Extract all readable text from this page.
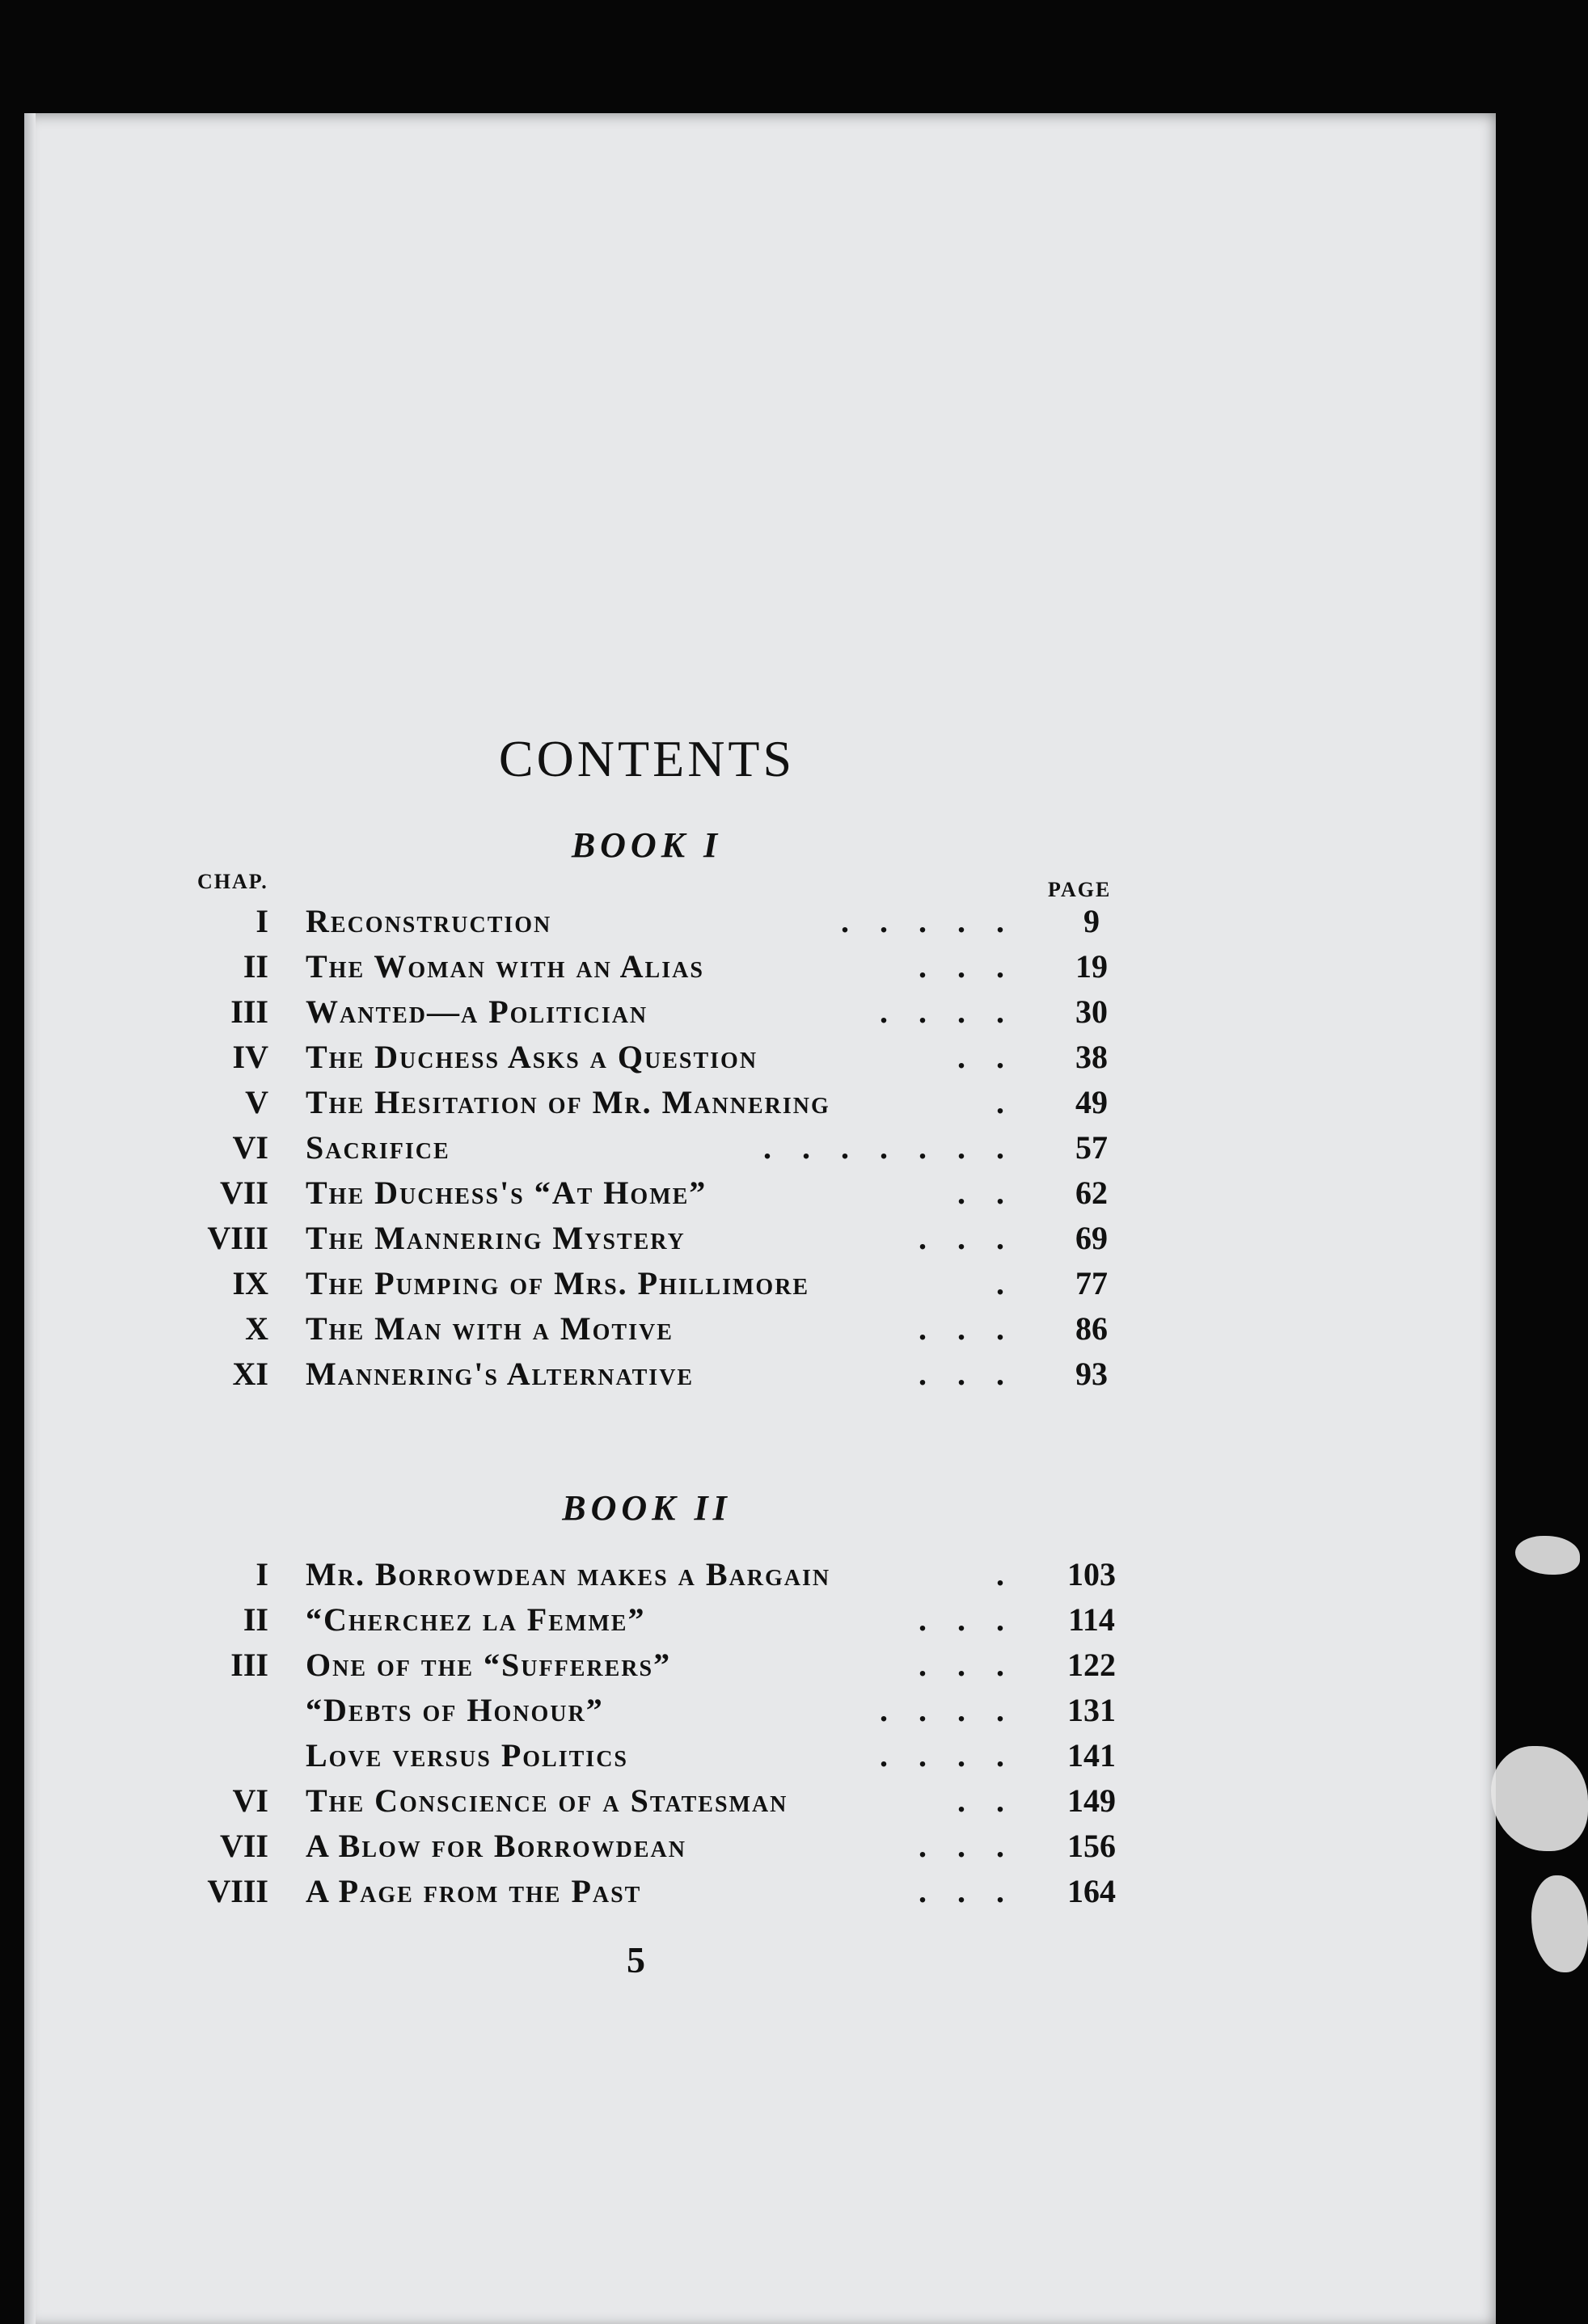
CONTENTS
BOOK I
CHAP.	PAGE
I Reconstruction	.....	9
II The Woman with an Alias	...	19
III Wanted—a Politician	....	30
IV The Duchess Asks a Question	..	38
V The Hesitation of Mr. Mannering	.	49
VI Sacrifice	.......	57
VII The Duchess's “At Home”	..	62
VIII The Mannering Mystery	...	69
IX The Pumping of Mrs. Phillimore	.	77
X The Man with a Motive	...	86
XI Mannering's Alternative	...	93
BOOK II
I Mr. Borrowdean makes a Bargain	.	103
II “Cherchez la Femme”	...	114
III One of the “Sufferers”	...	122
“Debts of Honour”	....	131
Love versus Politics	....	141
VI The Conscience of a Statesman	..	149
VII A Blow for Borrowdean	...	156
VIII A Page from the Past	...	164
5
